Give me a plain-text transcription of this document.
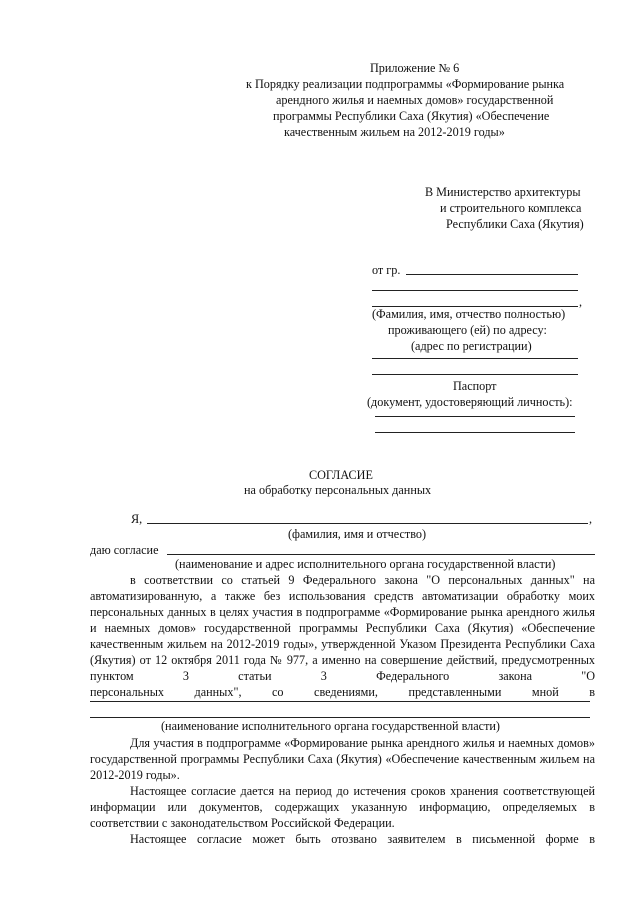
Приложение № 6
к Порядку реализации подпрограммы «Формирование рынка
арендного жилья и наемных домов» государственной
программы Республики Саха (Якутия) «Обеспечение
качественным жильем на 2012-2019 годы»
В Министерство архитектуры
и строительного комплекса
Республики Саха (Якутия)
от гр.
,
(Фамилия, имя, отчество полностью)
проживающего (ей) по адресу:
(адрес по регистрации)
Паспорт
(документ, удостоверяющий личность):
СОГЛАСИЕ
на обработку персональных данных
Я,	,
(фамилия, имя и отчество)
даю согласие
(наименование и адрес исполнительного органа государственной власти)
в соответствии со статьей 9 Федерального закона "О персональных данных" на автоматизированную, а также без использования средств автоматизации обработку моих персональных данных в целях участия в подпрограмме «Формирование рынка арендного жилья и наемных домов» государственной программы Республики Саха (Якутия) «Обеспечение качественным жильем на 2012-2019 годы», утвержденной Указом Президента Республики Саха (Якутия) от 12 октября 2011 года № 977, а именно на совершение действий, предусмотренных пунктом 3 статьи 3 Федерального закона "О
персональных данных", со сведениями, представленными мной в
(наименование исполнительного органа государственной власти)
Для участия в подпрограмме «Формирование рынка арендного жилья и наемных домов» государственной программы Республики Саха (Якутия) «Обеспечение качественным жильем на 2012-2019 годы».
Настоящее согласие дается на период до истечения сроков хранения соответствующей информации или документов, содержащих указанную информацию, определяемых в соответствии с законодательством Российской Федерации.
Настоящее согласие может быть отозвано заявителем в письменной форме в
